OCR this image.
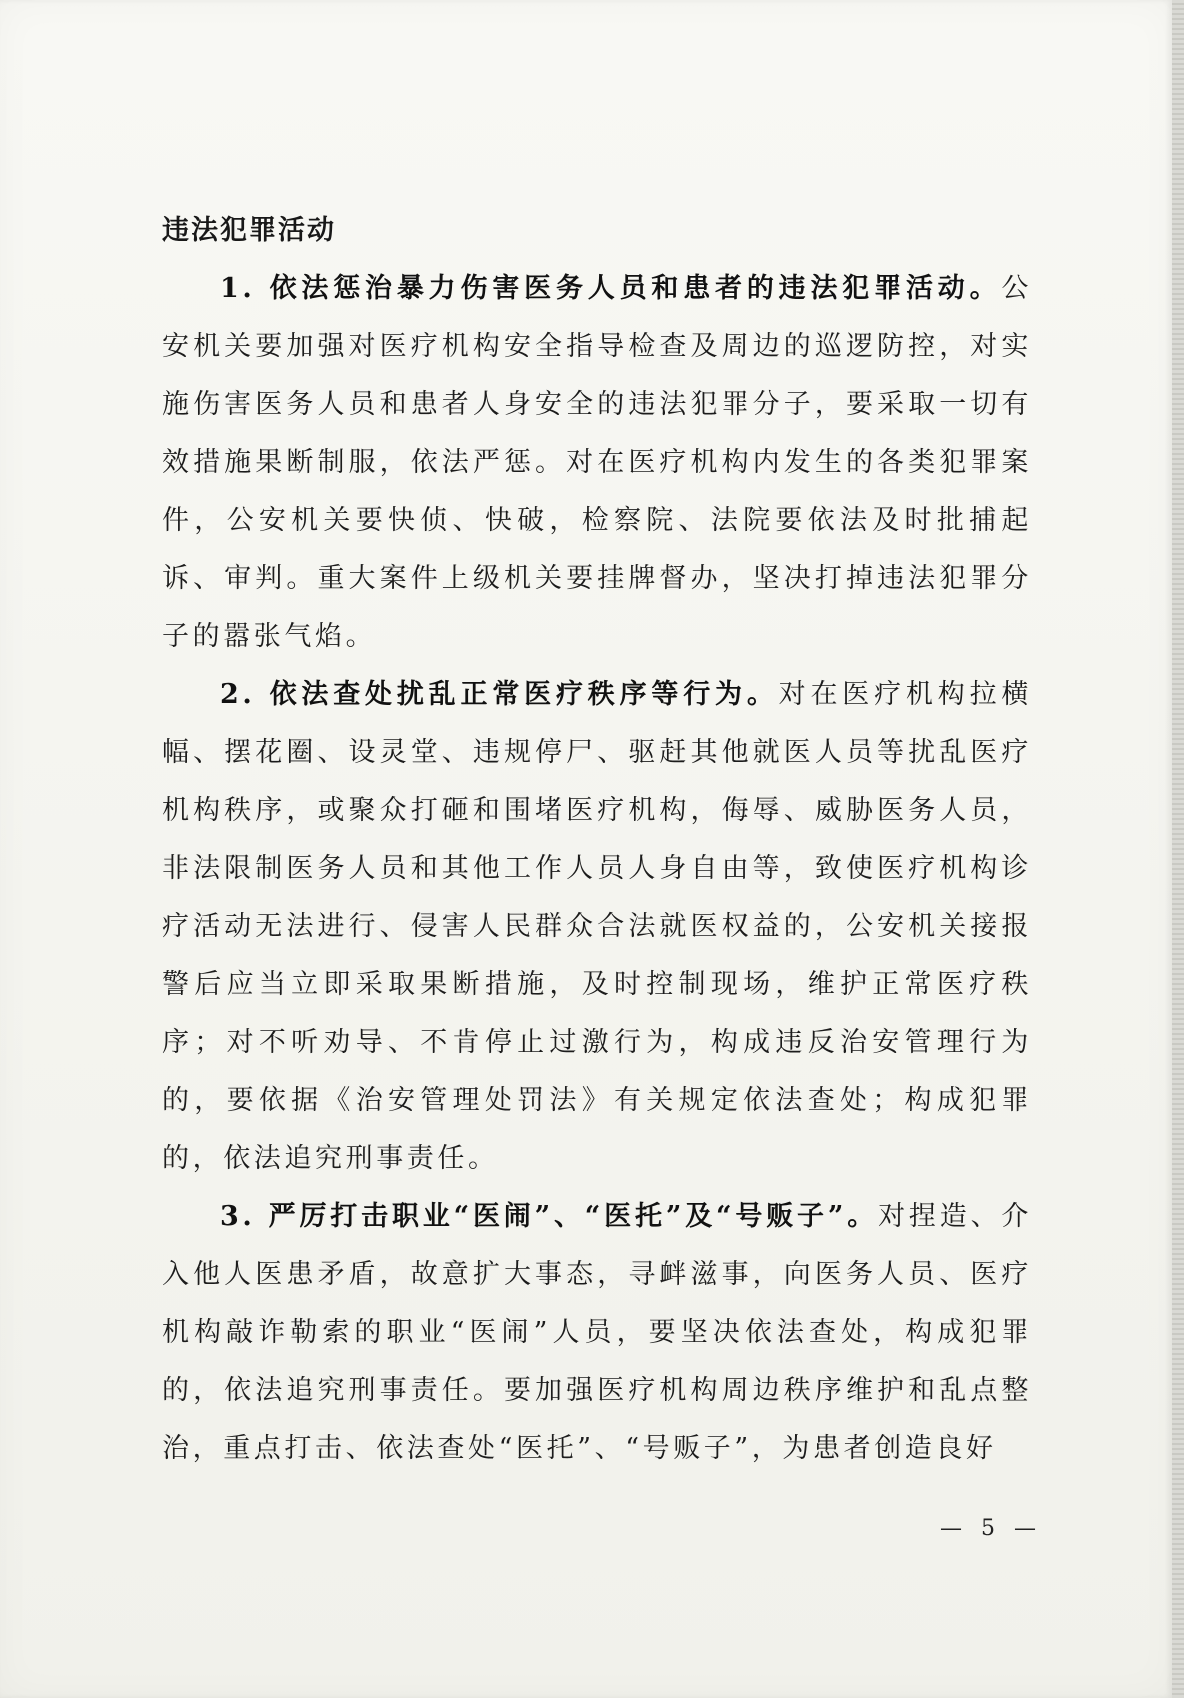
违法犯罪活动

1. 依法惩治暴力伤害医务人员和患者的违法犯罪活动。公安机关要加强对医疗机构安全指导检查及周边的巡逻防控，对实施伤害医务人员和患者人身安全的违法犯罪分子，要采取一切有效措施果断制服，依法严惩。对在医疗机构内发生的各类犯罪案件，公安机关要快侦、快破，检察院、法院要依法及时批捕起诉、审判。重大案件上级机关要挂牌督办，坚决打掉违法犯罪分子的嚣张气焰。

2. 依法查处扰乱正常医疗秩序等行为。对在医疗机构拉横幅、摆花圈、设灵堂、违规停尸、驱赶其他就医人员等扰乱医疗机构秩序，或聚众打砸和围堵医疗机构，侮辱、威胁医务人员，非法限制医务人员和其他工作人员人身自由等，致使医疗机构诊疗活动无法进行、侵害人民群众合法就医权益的，公安机关接报警后应当立即采取果断措施，及时控制现场，维护正常医疗秩序；对不听劝导、不肯停止过激行为，构成违反治安管理行为的，要依据《治安管理处罚法》有关规定依法查处；构成犯罪的，依法追究刑事责任。

3. 严厉打击职业“医闹”、“医托”及“号贩子”。对捏造、介入他人医患矛盾，故意扩大事态，寻衅滋事，向医务人员、医疗机构敲诈勒索的职业“医闹”人员，要坚决依法查处，构成犯罪的，依法追究刑事责任。要加强医疗机构周边秩序维护和乱点整治，重点打击、依法查处“医托”、“号贩子”，为患者创造良好

— 5 —
